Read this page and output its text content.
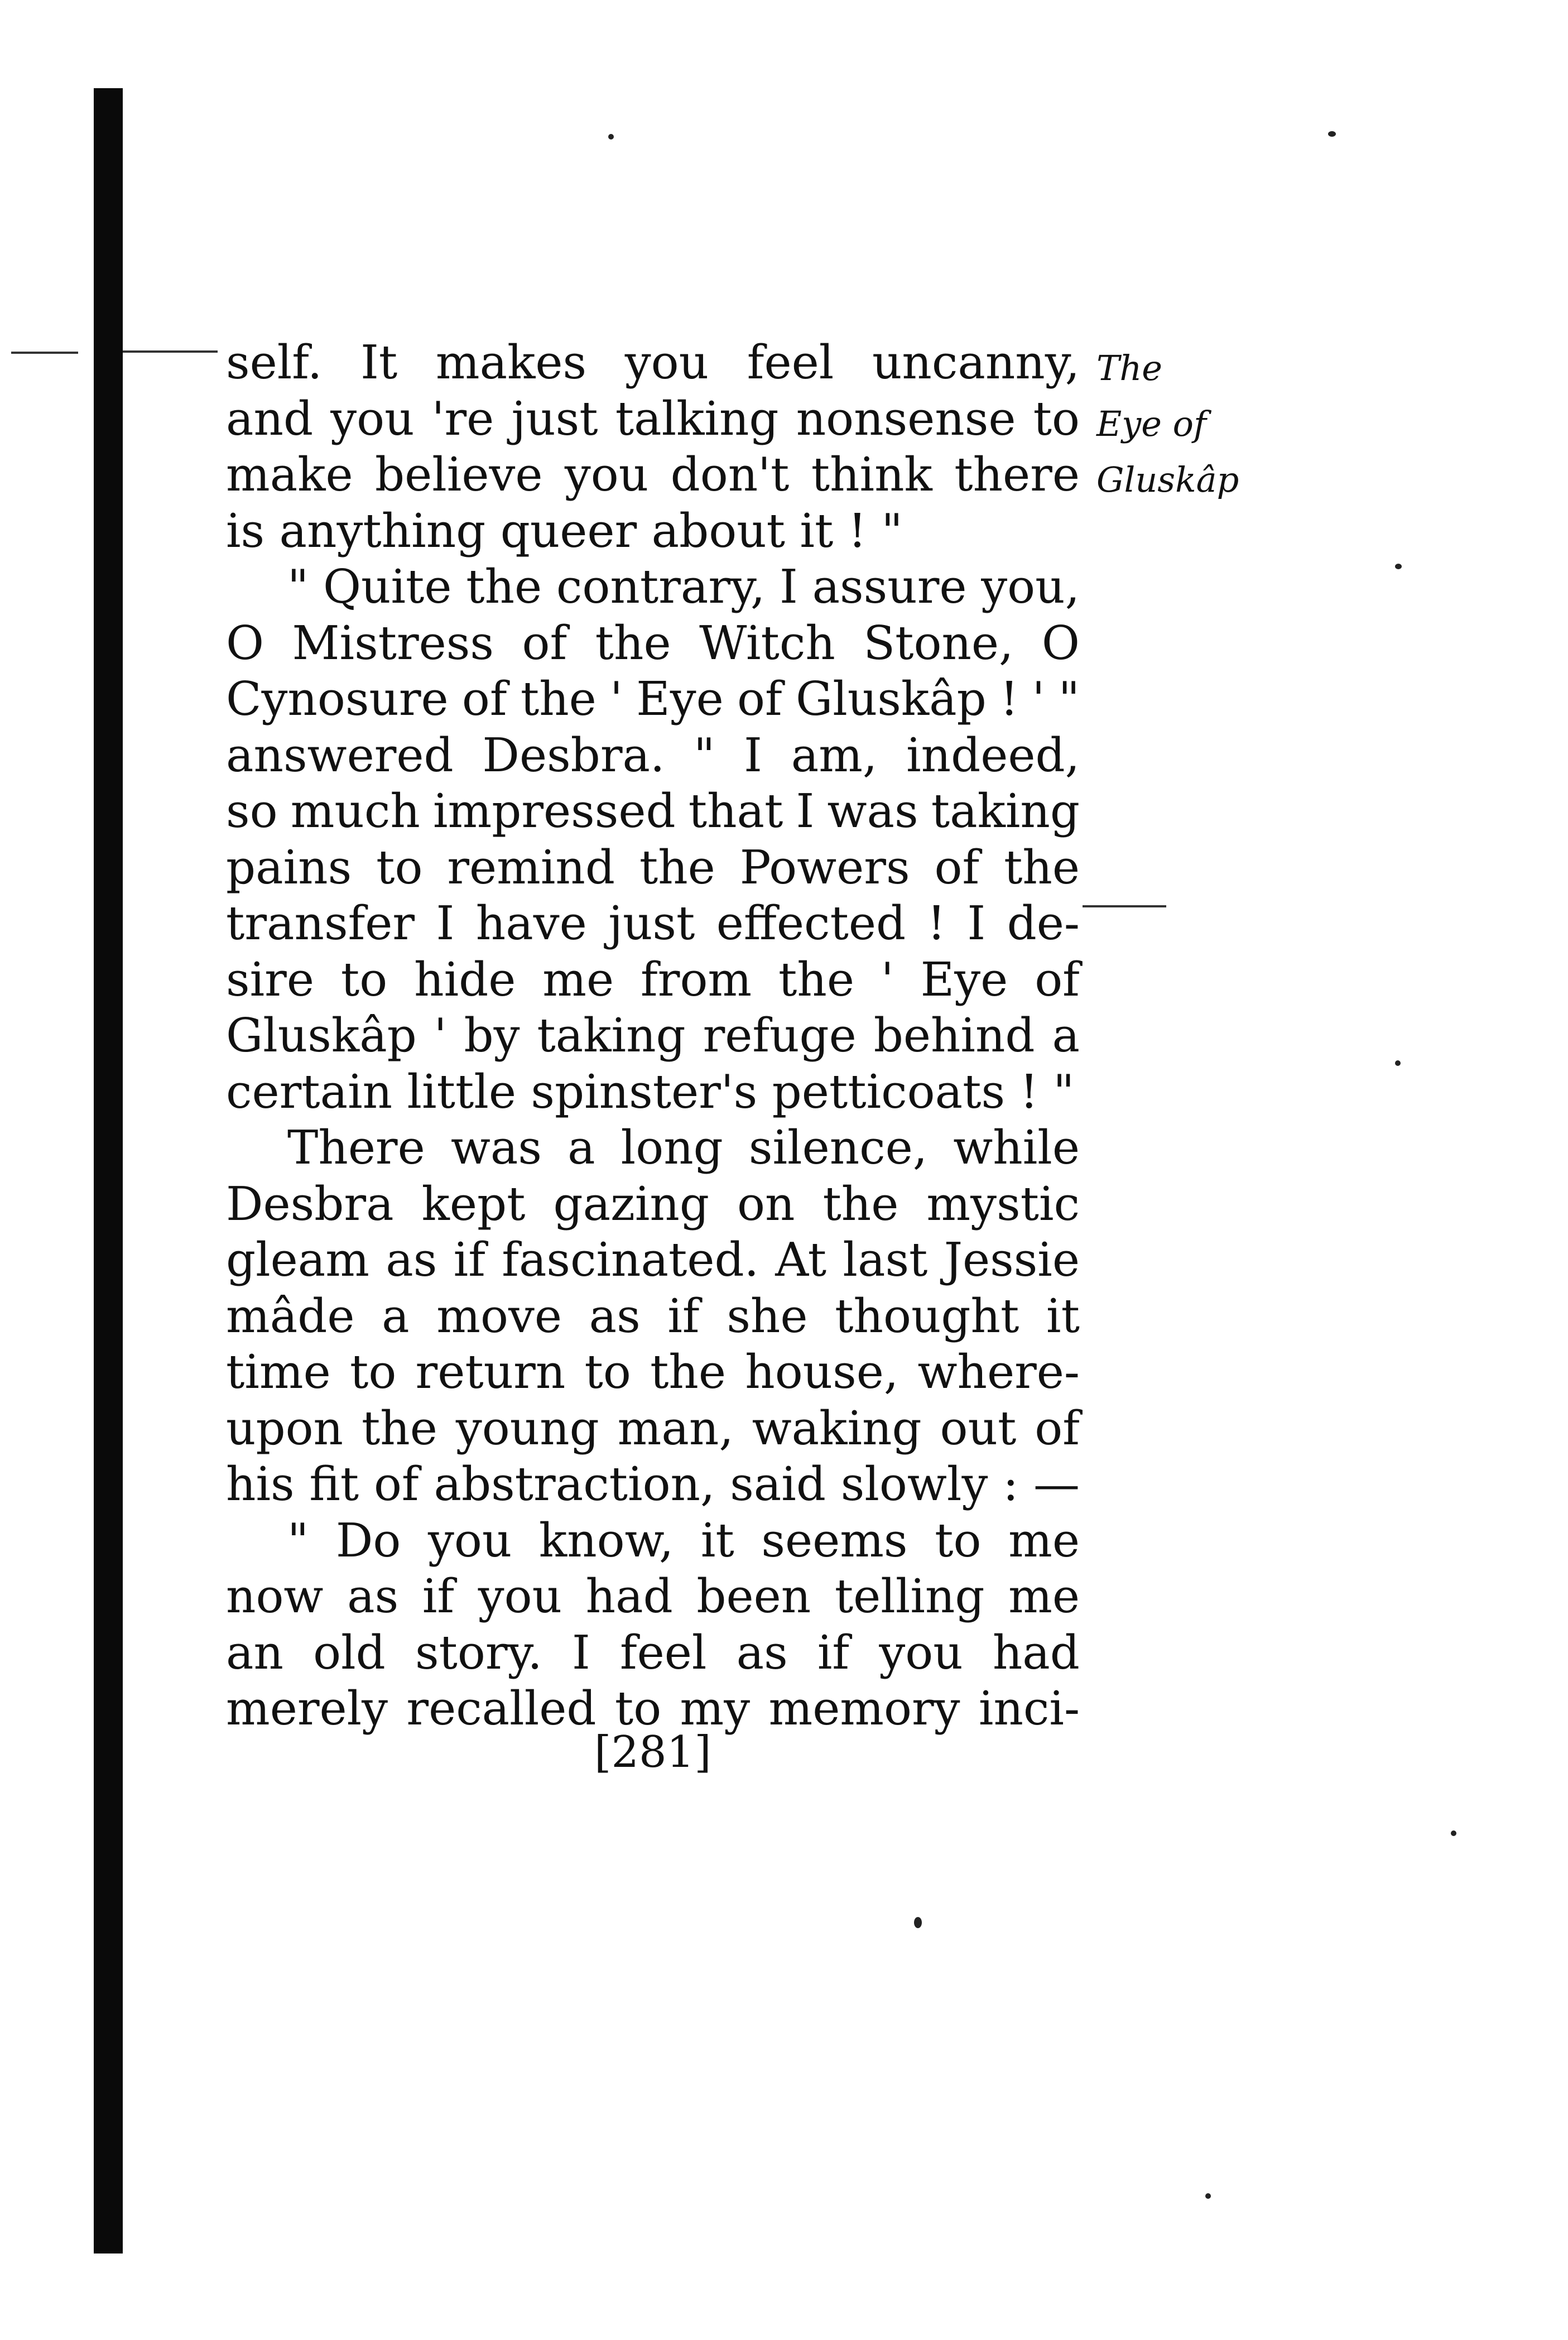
The
Eye of
Gluskâp
self. It makes you feel uncanny,
and you 're just talking nonsense to
make believe you don't think there
is
anything
queer
about
it
!
"
" Quite the contrary, I assure you,
O Mistress of the Witch Stone, O
Cynosure of the ' Eye of Gluskâp ! ' "
answered Desbra. " I am, indeed,
so much impressed that I was taking
pains to remind the Powers of the
transfer I have just effected ! I de-
sire to hide me from the ' Eye of
Gluskâp ' by taking refuge behind a
certain
little
spinster's
petticoats
!
"
There was a long silence, while
Desbra kept gazing on the mystic
gleam as if fascinated. At last Jessie
mâde a move as if she thought it
time to return to the house, where-
upon the young man, waking out of
his fit of abstraction, said slowly : —
" Do you know, it seems to me
now as if you had been telling me
an old story. I feel as if you had
merely recalled to my memory inci-
[281]
